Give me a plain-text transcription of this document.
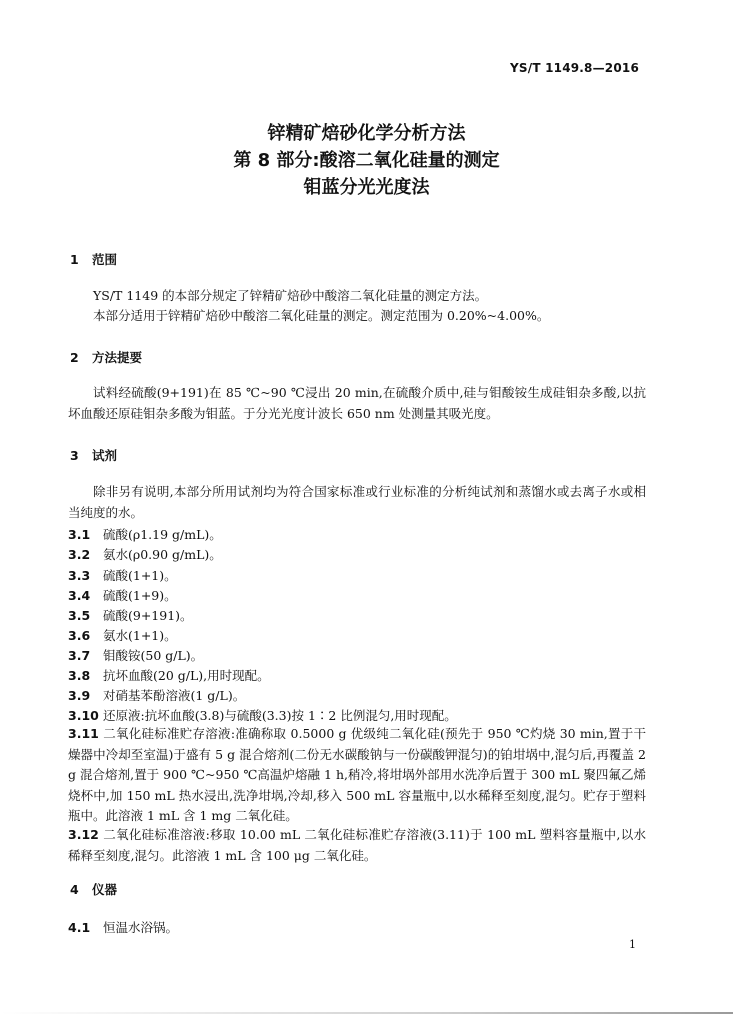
YS/T 1149.8—2016
锌精矿焙砂化学分析方法
第 8 部分:酸溶二氧化硅量的测定
钼蓝分光光度法
1 范围
YS/T 1149 的本部分规定了锌精矿焙砂中酸溶二氧化硅量的测定方法。
本部分适用于锌精矿焙砂中酸溶二氧化硅量的测定。测定范围为 0.20%~4.00%。
2 方法提要
试料经硫酸(9+191)在 85 ℃~90 ℃浸出 20 min,在硫酸介质中,硅与钼酸铵生成硅钼杂多酸,以抗坏血酸还原硅钼杂多酸为钼蓝。于分光光度计波长 650 nm 处测量其吸光度。
3 试剂
除非另有说明,本部分所用试剂均为符合国家标准或行业标准的分析纯试剂和蒸馏水或去离子水或相当纯度的水。
3.1 硫酸(ρ1.19 g/mL)。
3.2 氨水(ρ0.90 g/mL)。
3.3 硫酸(1+1)。
3.4 硫酸(1+9)。
3.5 硫酸(9+191)。
3.6 氨水(1+1)。
3.7 钼酸铵(50 g/L)。
3.8 抗坏血酸(20 g/L),用时现配。
3.9 对硝基苯酚溶液(1 g/L)。
3.10 还原液:抗坏血酸(3.8)与硫酸(3.3)按 1∶2 比例混匀,用时现配。
3.11 二氧化硅标准贮存溶液:准确称取 0.5000 g 优级纯二氧化硅(预先于 950 ℃灼烧 30 min,置于干燥器中冷却至室温)于盛有 5 g 混合熔剂(二份无水碳酸钠与一份碳酸钾混匀)的铂坩埚中,混匀后,再覆盖 2 g 混合熔剂,置于 900 ℃~950 ℃高温炉熔融 1 h,稍冷,将坩埚外部用水洗净后置于 300 mL 聚四氟乙烯烧杯中,加 150 mL 热水浸出,洗净坩埚,冷却,移入 500 mL 容量瓶中,以水稀释至刻度,混匀。贮存于塑料瓶中。此溶液 1 mL 含 1 mg 二氧化硅。
3.12 二氧化硅标准溶液:移取 10.00 mL 二氧化硅标准贮存溶液(3.11)于 100 mL 塑料容量瓶中,以水稀释至刻度,混匀。此溶液 1 mL 含 100 μg 二氧化硅。
4 仪器
4.1 恒温水浴锅。
1
